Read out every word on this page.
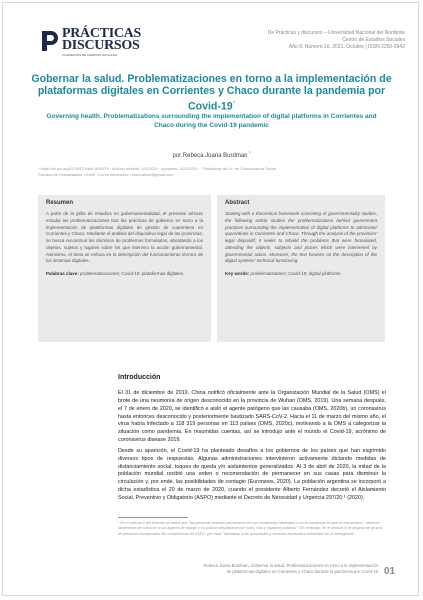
PRÁCTICAS
DISCURSOS
CUADERNOS DE CIENCIAS SOCIALES
De Prácticas y discursos – Universidad Nacional del Nordeste
Centro de Estudios Sociales
Año 9, Número 16, 2021, Octubre | ISSN 2250-6942
Gobernar la salud. Problematizaciones en torno a la implementación de plataformas digitales en Corrientes y Chaco durante la pandemia por Covid-19*
Governing health. Problematizations surrounding the implementation of digital platforms in Corrientes and Chaco during the Covid-19 pandemic
por Rebeca Joana Burdman $^{^1}$
* https://dx.doi.org/10.30972/dpd.1610578 · Artículo recibido: 1/11/2021 · Aprobado: 11/11/2021 · ¹ Estudiante de Lic. en Comunicación Social.
Facultad de Humanidades, UNNE. Correo electrónico: rebeccaburd@gmail.com
Resumen
A partir de la grilla de estudios en gubernamentalidad, el presente artículo estudia las problematizaciones tras las prácticas de gobierno en torno a la implementación de plataformas digitales de gestión de cuarentena en Corrientes y Chaco. Mediante el análisis del dispositivo legal de las provincias, se busca reconstruir los dominios de problemas formulados, abordando a los objetos, sujetos y lugares sobre los que intervino la acción gubernamental. Asimismo, el texto se enfoca en la descripción del funcionamiento técnico de los sistemas digitales.
Palabras clave: problematizaciones; Covid-19; plataformas digitales.
Abstract
Starting with a theoretical framework consisting of governmentality studies, the following article studies the problematizations behind government practices surrounding the implementation of digital platforms to administer quarantines in Corrientes and Chaco. Through the analysis of the provinces' legal dispositif, it seeks to rebuild the problems that were formulated, attending the objects, subjects and places which were intervened by governmental action. Moreover, the text focuses on the description of the digital systems' technical functioning.
Key words: problematizations; Covid-19; digital platforms.
Introducción

El 31 de diciembre de 2019, China notificó oficialmente ante la Organización Mundial de la Salud (OMS) el brote de una neumonía de origen desconocido en la provincia de Wuhan (OMS, 2019). Una semana después, el 7 de enero de 2020, se identificó e aisló el agente patógeno que las causaba (OMS, 2020b), un coronavirus hasta entonces desconocido y posteriormente bautizado SARS-CoV-2. Hacia el 11 de marzo del mismo año, el virus había infectado a 118 319 personas en 113 países (OMS, 2020c), motivando a la OMS a categorizar la situación como pandemia. En resumidas cuentas, así se introdujo ante el mundo el Covid-19, acrónimo de coronavirus disease 2019.

Desde su aparición, el Covid-19 ha planteado desafíos a los gobiernos de los países que han esgrimido diversos tipos de respuestas. Algunas administraciones intervinieron activamente dictando medidas de distanciamiento social, toques de queda y/o aislamientos generalizados. Al 3 de abril de 2020, la mitad de la población mundial recibió una orden o recomendación de permanecer en sus casas para disminuir la circulación y, por ende, las posibilidades de contagio (Euronews, 2020). La población argentina se incorporó a dicha estadística el 20 de marzo de 2020, cuando el presidente Alberto Fernández decretó el Aislamiento Social, Preventivo y Obligatorio (ASPO) mediante el Decreto de Necesidad y Urgencia 297/20 ¹ (2020).

¹ En el artículo 2 del Decreto se indica que "las personas deberán permanecer en sus residencias habituales o en la residencia en que se encuentren... deberán abstenerse de concurrir a sus lugares de trabajo y no podrán desplazarse por rutas, vías y espacios públicos". Sin embargo, en el artículo 6 se dispuso de grupos de personas exceptuadas del cumplimiento de ASPO, por estar "afectadas a las actividades y servicios declarados esenciales en la emergencia".
Rebeca Joana Burdman. Gobernar la salud. Problematizaciones en torno a la implementación
de plataformas digitales en Corrientes y Chaco durante la pandemia por Covid-19 01
